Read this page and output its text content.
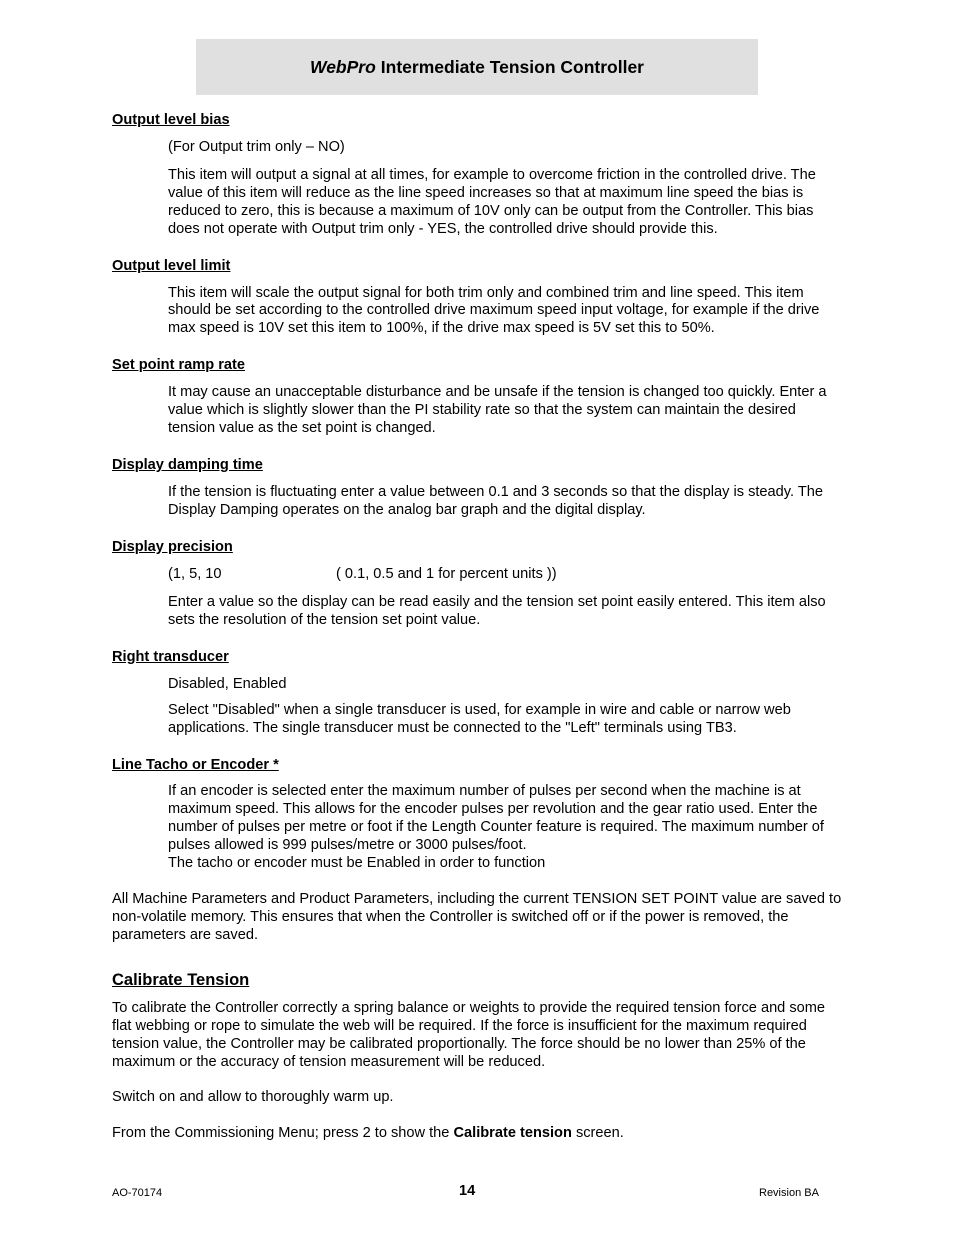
WebPro Intermediate Tension Controller
Output level bias

(For Output trim only – NO)

This item will output a signal at all times, for example to overcome friction in the controlled drive. The value of this item will reduce as the line speed increases so that at maximum line speed the bias is reduced to zero, this is because a maximum of 10V only can be output from the Controller. This bias does not operate with Output trim only - YES, the controlled drive should provide this.

Output level limit

This item will scale the output signal for both trim only and combined trim and line speed. This item should be set according to the controlled drive maximum speed input voltage, for example if the drive max speed is 10V set this item to 100%, if the drive max speed is 5V set this to 50%.

Set point ramp rate

It may cause an unacceptable disturbance and be unsafe if the tension is changed too quickly. Enter a value which is slightly slower than the PI stability rate so that the system can maintain the desired tension value as the set point is changed.

Display damping time

If the tension is fluctuating enter a value between 0.1 and 3 seconds so that the display is steady. The Display Damping operates on the analog bar graph and the digital display.

Display precision
(1, 5, 10	( 0.1, 0.5 and 1 for percent units ))

Enter a value so the display can be read easily and the tension set point easily entered. This item also sets the resolution of the tension set point value.

Right transducer

Disabled, Enabled

Select "Disabled" when a single transducer is used, for example in wire and cable or narrow web applications. The single transducer must be connected to the "Left" terminals using TB3.

Line Tacho or Encoder *

If an encoder is selected enter the maximum number of pulses per second when the machine is at maximum speed. This allows for the encoder pulses per revolution and the gear ratio used. Enter the number of pulses per metre or foot if the Length Counter feature is required. The maximum number of pulses allowed is 999 pulses/metre or 3000 pulses/foot.

The tacho or encoder must be Enabled in order to function

All Machine Parameters and Product Parameters, including the current TENSION SET POINT value are saved to non-volatile memory. This ensures that when the Controller is switched off or if the power is removed, the parameters are saved.

Calibrate Tension

To calibrate the Controller correctly a spring balance or weights to provide the required tension force and some flat webbing or rope to simulate the web will be required. If the force is insufficient for the maximum required tension value, the Controller may be calibrated proportionally. The force should be no lower than 25% of the maximum or the accuracy of tension measurement will be reduced.

Switch on and allow to thoroughly warm up.

From the Commissioning Menu; press 2 to show the Calibrate tension screen.

AO-70174	14	Revision BA
